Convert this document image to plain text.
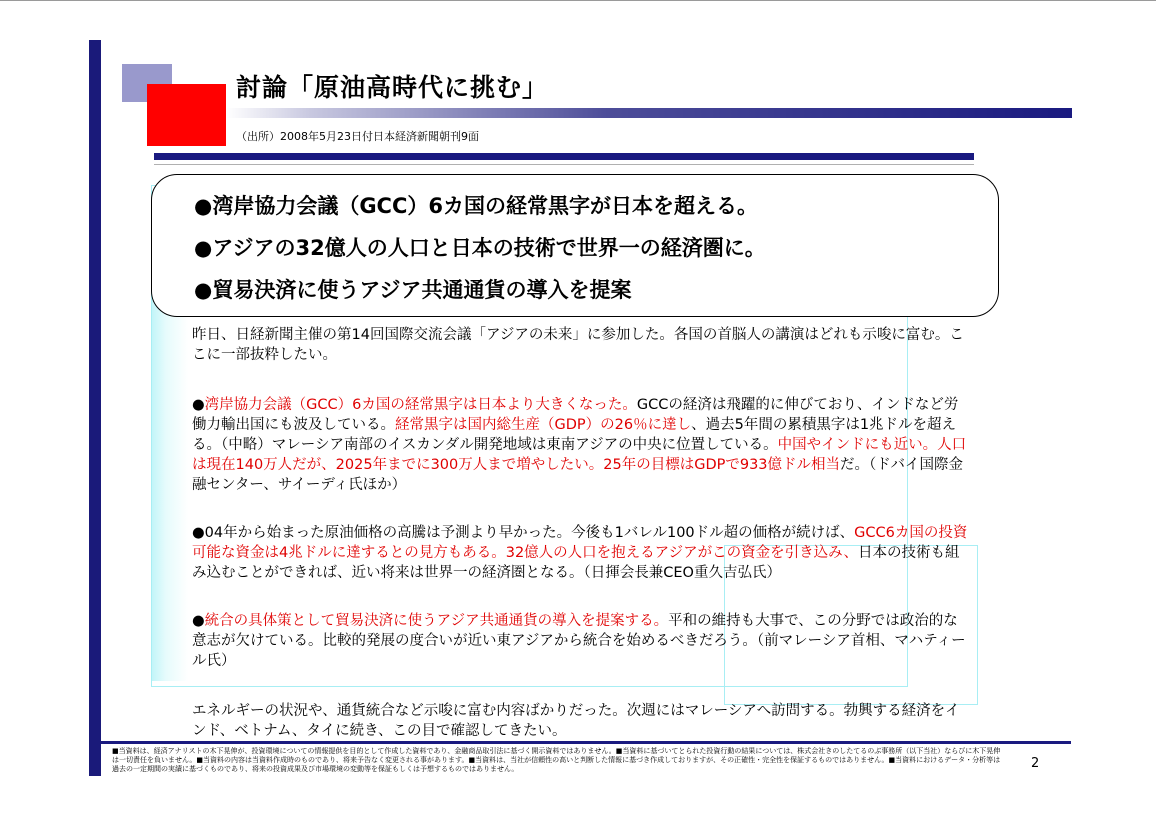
討論「原油高時代に挑む」
（出所）2008年5月23日付日本経済新聞朝刊9面
●湾岸協力会議（GCC）6カ国の経常黒字が日本を超える。
●アジアの32億人の人口と日本の技術で世界一の経済圏に。
●貿易決済に使うアジア共通通貨の導入を提案
昨日、日経新聞主催の第14回国際交流会議「アジアの未来」に参加した。各国の首脳人の講演はどれも示唆に富む。ここに一部抜粋したい。
●湾岸協力会議（GCC）6カ国の経常黒字は日本より大きくなった。GCCの経済は飛躍的に伸びており、インドなど労働力輸出国にも波及している。経常黒字は国内総生産（GDP）の26％に達し、過去5年間の累積黒字は1兆ドルを超える。（中略）マレーシア南部のイスカンダル開発地域は東南アジアの中央に位置している。中国やインドにも近い。人口は現在140万人だが、2025年までに300万人まで増やしたい。25年の目標はGDPで933億ドル相当だ。（ドバイ国際金融センター、サイーディ氏ほか）
●04年から始まった原油価格の高騰は予測より早かった。今後も1バレル100ドル超の価格が続けば、GCC6カ国の投資可能な資金は4兆ドルに達するとの見方もある。32億人の人口を抱えるアジアがこの資金を引き込み、日本の技術も組み込むことができれば、近い将来は世界一の経済圏となる。（日揮会長兼CEO重久吉弘氏）
●統合の具体策として貿易決済に使うアジア共通通貨の導入を提案する。平和の維持も大事で、この分野では政治的な意志が欠けている。比較的発展の度合いが近い東アジアから統合を始めるべきだろう。（前マレーシア首相、マハティール氏）
エネルギーの状況や、通貨統合など示唆に富む内容ばかりだった。次週にはマレーシアへ訪問する。勃興する経済をインド、ベトナム、タイに続き、この目で確認してきたい。
■当資料は、経済アナリストの木下晃伸が、投資環境についての情報提供を目的として作成した資料であり、金融商品取引法に基づく開示資料ではありません。■当資料に基づいてとられた投資行動の結果については、株式会社きのしたてるのぶ事務所（以下当社）ならびに木下晃伸は一切責任を負いません。■当資料の内容は当資料作成時のものであり、将来予告なく変更される事があります。■当資料は、当社が信頼性の高いと判断した情報に基づき作成しておりますが、その正確性・完全性を保証するものではありません。■当資料におけるデータ・分析等は過去の一定期間の実績に基づくものであり、将来の投資成果及び市場環境の変動等を保証もしくは予想するものではありません。	2
